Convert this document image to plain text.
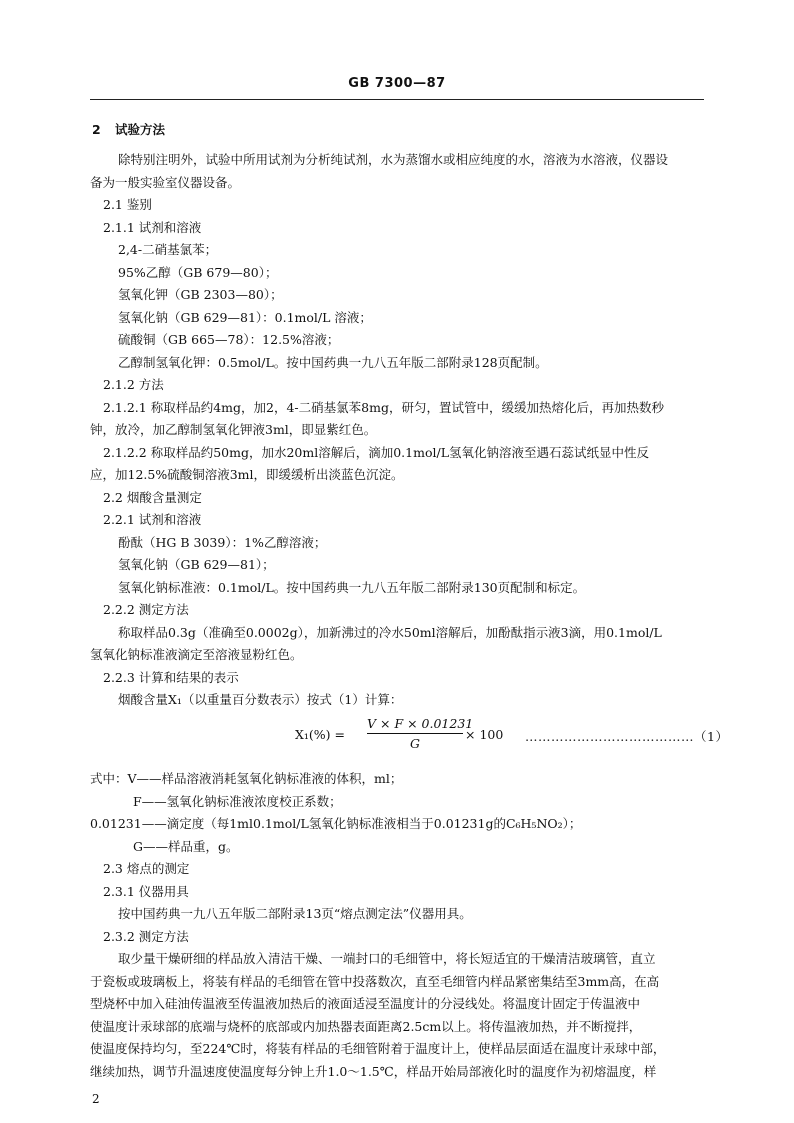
GB 7300—87
2 试验方法
除特别注明外，试验中所用试剂为分析纯试剂，水为蒸馏水或相应纯度的水，溶液为水溶液，仪器设
备为一般实验室仪器设备。
2.1 鉴别
2.1.1 试剂和溶液
2,4-二硝基氯苯；
95%乙醇（GB 679—80）；
氢氧化钾（GB 2303—80）；
氢氧化钠（GB 629—81）：0.1mol/L 溶液；
硫酸铜（GB 665—78）：12.5%溶液；
乙醇制氢氧化钾：0.5mol/L。按中国药典一九八五年版二部附录128页配制。
2.1.2 方法
2.1.2.1 称取样品约4mg，加2，4-二硝基氯苯8mg，研匀，置试管中，缓缓加热熔化后，再加热数秒
钟，放冷，加乙醇制氢氧化钾液3ml，即显紫红色。
2.1.2.2 称取样品约50mg，加水20ml溶解后，滴加0.1mol/L氢氧化钠溶液至遇石蕊试纸显中性反
应，加12.5%硫酸铜溶液3ml，即缓缓析出淡蓝色沉淀。
2.2 烟酸含量测定
2.2.1 试剂和溶液
酚酞（HG B 3039）：1%乙醇溶液；
氢氧化钠（GB 629—81）；
氢氧化钠标准液：0.1mol/L。按中国药典一九八五年版二部附录130页配制和标定。
2.2.2 测定方法
称取样品0.3g（准确至0.0002g），加新沸过的冷水50ml溶解后，加酚酞指示液3滴，用0.1mol/L
氢氧化钠标准液滴定至溶液显粉红色。
2.2.3 计算和结果的表示
烟酸含量X₁（以重量百分数表示）按式（1）计算：
X₁(%) =
V × F × 0.01231
G
× 100 …………………………………（1）
式中：V——样品溶液消耗氢氧化钠标准液的体积，ml；
F——氢氧化钠标准液浓度校正系数；
0.01231——滴定度（每1ml0.1mol/L氢氧化钠标准液相当于0.01231g的C₆H₅NO₂）；
G——样品重，g。
2.3 熔点的测定
2.3.1 仪器用具
按中国药典一九八五年版二部附录13页“熔点测定法”仪器用具。
2.3.2 测定方法
取少量干燥研细的样品放入清洁干燥、一端封口的毛细管中，将长短适宜的干燥清洁玻璃管，直立
于瓷板或玻璃板上，将装有样品的毛细管在管中投落数次，直至毛细管内样品紧密集结至3mm高，在高
型烧杯中加入硅油传温液至传温液加热后的液面适浸至温度计的分浸线处。将温度计固定于传温液中
使温度计汞球部的底端与烧杯的底部或内加热器表面距离2.5cm以上。将传温液加热，并不断搅拌，
使温度保持均匀，至224℃时，将装有样品的毛细管附着于温度计上，使样品层面适在温度计汞球中部，
继续加热，调节升温速度使温度每分钟上升1.0～1.5℃，样品开始局部液化时的温度作为初熔温度，样
2
